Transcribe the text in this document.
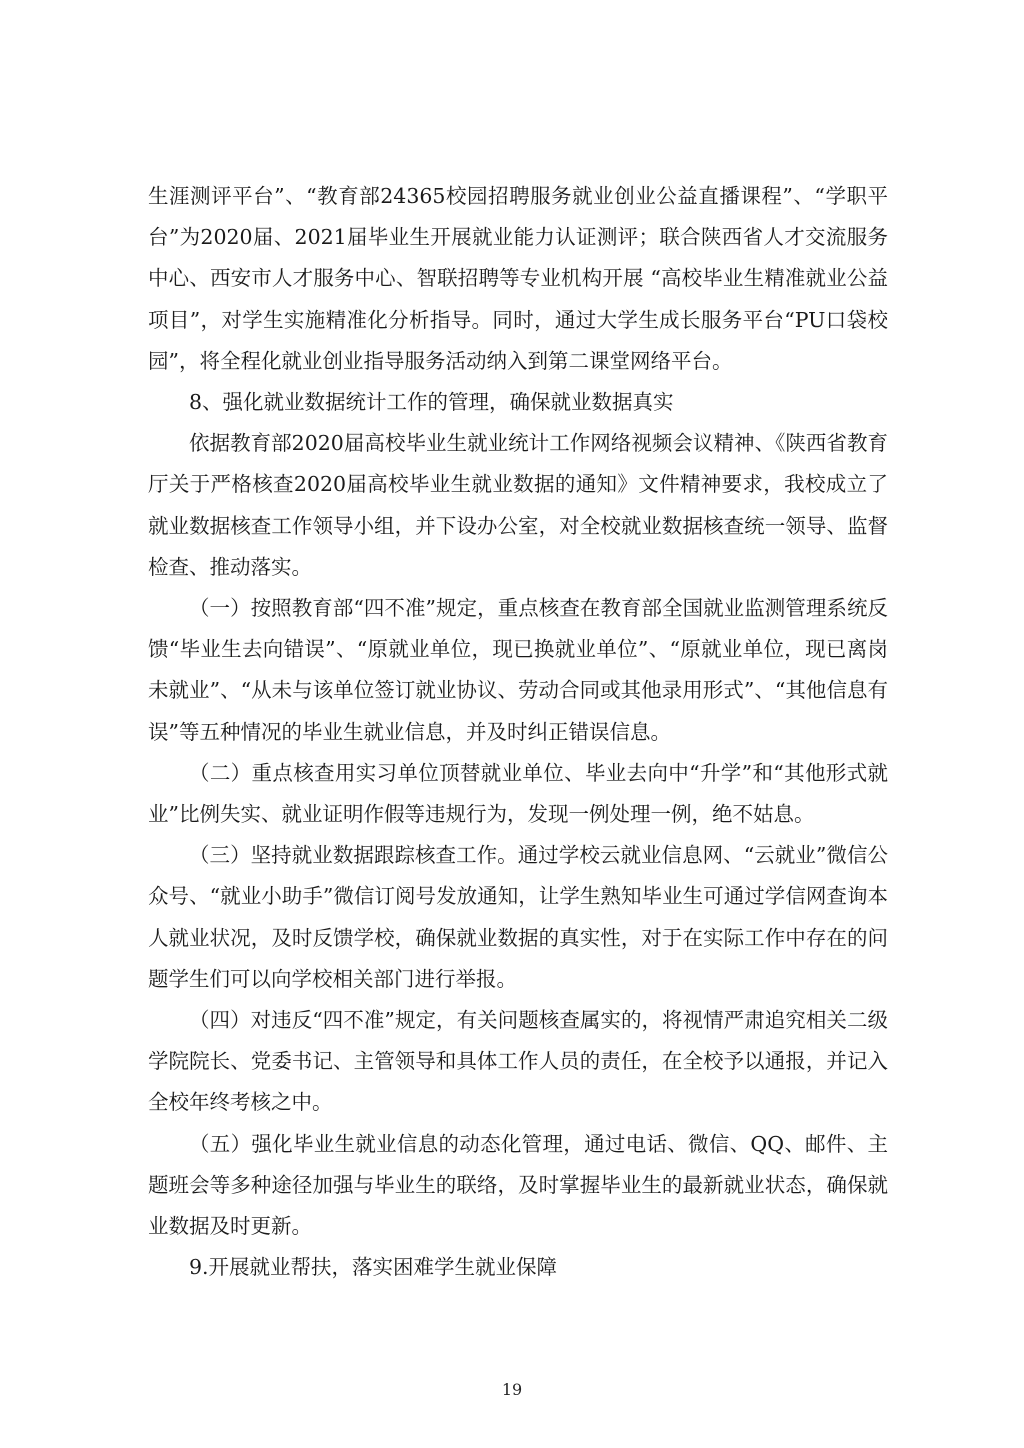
生涯测评平台”、“教育部24365校园招聘服务就业创业公益直播课程”、“学职平台”为2020届、2021届毕业生开展就业能力认证测评；联合陕西省人才交流服务中心、西安市人才服务中心、智联招聘等专业机构开展 “高校毕业生精准就业公益项目”，对学生实施精准化分析指导。同时，通过大学生成长服务平台“PU口袋校园”，将全程化就业创业指导服务活动纳入到第二课堂网络平台。

8、强化就业数据统计工作的管理，确保就业数据真实

依据教育部2020届高校毕业生就业统计工作网络视频会议精神、《陕西省教育厅关于严格核查2020届高校毕业生就业数据的通知》文件精神要求，我校成立了就业数据核查工作领导小组，并下设办公室，对全校就业数据核查统一领导、监督检查、推动落实。

（一）按照教育部“四不准”规定，重点核查在教育部全国就业监测管理系统反馈“毕业生去向错误”、“原就业单位，现已换就业单位”、“原就业单位，现已离岗未就业”、“从未与该单位签订就业协议、劳动合同或其他录用形式”、“其他信息有误”等五种情况的毕业生就业信息，并及时纠正错误信息。

（二）重点核查用实习单位顶替就业单位、毕业去向中“升学”和“其他形式就业”比例失实、就业证明作假等违规行为，发现一例处理一例，绝不姑息。

（三）坚持就业数据跟踪核查工作。通过学校云就业信息网、“云就业”微信公众号、“就业小助手”微信订阅号发放通知，让学生熟知毕业生可通过学信网查询本人就业状况，及时反馈学校，确保就业数据的真实性，对于在实际工作中存在的问题学生们可以向学校相关部门进行举报。

（四）对违反“四不准”规定，有关问题核查属实的，将视情严肃追究相关二级学院院长、党委书记、主管领导和具体工作人员的责任，在全校予以通报，并记入全校年终考核之中。

（五）强化毕业生就业信息的动态化管理，通过电话、微信、QQ、邮件、主题班会等多种途径加强与毕业生的联络，及时掌握毕业生的最新就业状态，确保就业数据及时更新。

9.开展就业帮扶，落实困难学生就业保障

19
